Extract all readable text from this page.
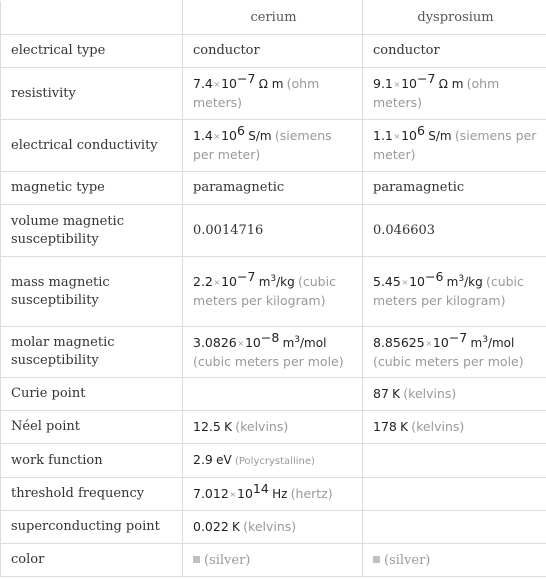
	cerium	dysprosium
electrical type	conductor	conductor
resistivity	$7.4\times 10^{-7}$ Ω m (ohm meters)	$9.1\times 10^{-7}$ Ω m (ohm meters)
electrical conductivity	$1.4\times 10^6$ S/m (siemens per meter)	$1.1\times 10^6$ S/m (siemens per meter)
magnetic type	paramagnetic	paramagnetic
volume magnetic susceptibility	0.0014716	0.046603
mass magnetic susceptibility	$2.2\times 10^{-7}$ $m^3/kg$ (cubic meters per kilogram)	$5.45\times 10^{-6}$ $m^3/kg$ (cubic meters per kilogram)
molar magnetic susceptibility	$3.0826\times 10^{-8}$ $m^3$/mol (cubic meters per mole)	$8.85625\times 10^{-7}$ $m^3$/mol (cubic meters per mole)
Curie point		87 K (kelvins)
Néel point	12.5 K (kelvins)	178 K (kelvins)
work function	2.9 eV (Polycrystalline)	
threshold frequency	$7.012\times 10^{14}$ Hz (hertz)	
superconducting point	0.022 K (kelvins)	
color	(silver)	(silver)
